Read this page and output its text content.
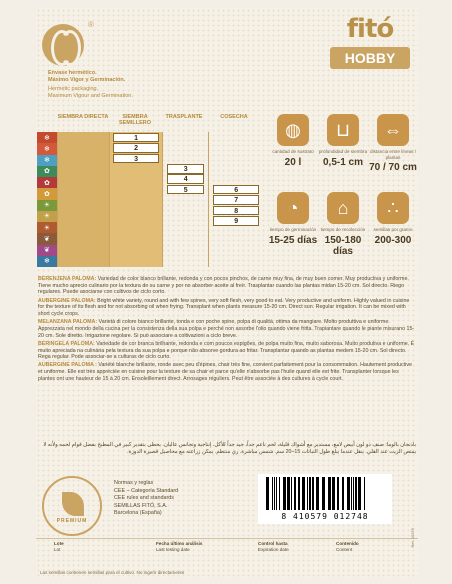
®
Envase hermético.
Máximo Vigor y Germinación.
Hermetic packaging.
Maximum Vigour and Germination.
fitó
HOBBY
SIEMBRA DIRECTA	SIEMBRA SEMILLERO
TRASPLANTE	COSECHA
❄
❄
❄
✿
✿
✿
☀
☀
☀
❦
❦
❄
1
2
3
3
4
5	6
7
8
9
◍
cantidad de sustrato
20 l
⊔
profundidad de siembra
0,5-1 cm
⇔
distancia entre líneas / plantas
70 / 70 cm
◔
tiempo de germinación
15-25 días
⌂
tiempo de recolección
150-180 días
∴
semillas por gramo
200-300

BERENJENA PALOMA: Variedad de color blanco brillante, redonda y con pocos pinchos, de carne muy fina, de muy buen comer. Muy productiva y uniforme. Tiene mucho aprecio culinario por la textura de su carne y por no absorber aceite al freír. Trasplantar cuando las plantas midan 15-20 cm. Sol directo. Riego regulares. Puede asociarse con cultivos de ciclo corto.

AUBERGINE PALOMA: Bright white variety, round and with few spines, very soft flesh, very good to eat. Very productive and uniform. Highly valued in cuisine for the texture of its flesh and for not absorbing oil when frying. Transplant when plants measure 15-20 cm. Direct sun. Regular irrigation. It can be mixed with short cycle crops.

MELANZANA PALOMA: Varietà di colore bianco brillante, tonda e con poche spine, polpa di qualità, ottima da mangiare. Molto produttiva e uniforme. Apprezzata nel mondo della cucina per la consistenza della sua polpa e perché non assorbe l'olio quando viene fritta. Trapiantare quando le piante misurano 15-20 cm. Sole diretto. Irrigazione regolare. Si può associare a coltivazioni a ciclo breve.

BERINGELA PALOMA: Variedade de cor branca brilhante, redonda e com poucos espigões, de polpa muito fina, muito saborosa. Muito produtiva e uniforme. É muito apreciada na culinária pela textura da sua polpa e porque não absorve gordura ao fritar. Transplantar quando as plantas medem 15-20 cm. Sol directo. Rega regular. Pode associar-se a culturas de ciclo curto.

AUBERGINE PALOMA : Variété blanche brillante, ronde avec peu d'épines, chair très fine, convient parfaitement pour la consommation. Hautement productive et uniforme. Elle est très appréciée en cuisine pour la texture de sa chair et parce qu'elle n'absorbe pas l'huile quand elle est frite. Transplanter lorsque les plantes ont une hauteur de 15 à 20 cm. Ensoleillement direct. Arrosages réguliers. Peut être associée à des cultures à cycle court.

باذنجان بالوما: صنف ذو لون أبيض لامع، مستدير مع أشواك قليلة، لحم ناعم جداً، جيد جداً للأكل. إنتاجية وتجانس عاليان. يحظى بتقدير كبير في المطبخ بفضل قوام لحمه ولأنه لا يمتص الزيت عند القلي. ينقل عندما يبلغ طول النباتات 15–20 سم. شمس مباشرة. ري منتظم. يمكن زراعته مع محاصيل قصيرة الدورة.
PREMIUM
Normas y reglas
CEE – Categoría Standard
CEE rules and standards
SEMILLAS FITÓ, S.A.
Barcelona (España)	8 410579 012748
Lote
Lot
Fecha último análisis
Last testing date
Control hasta
Expiration date
Contenido
Content
Las semillas contienen semillas para el cultivo. No ingerir directamente
Ref. 10379
